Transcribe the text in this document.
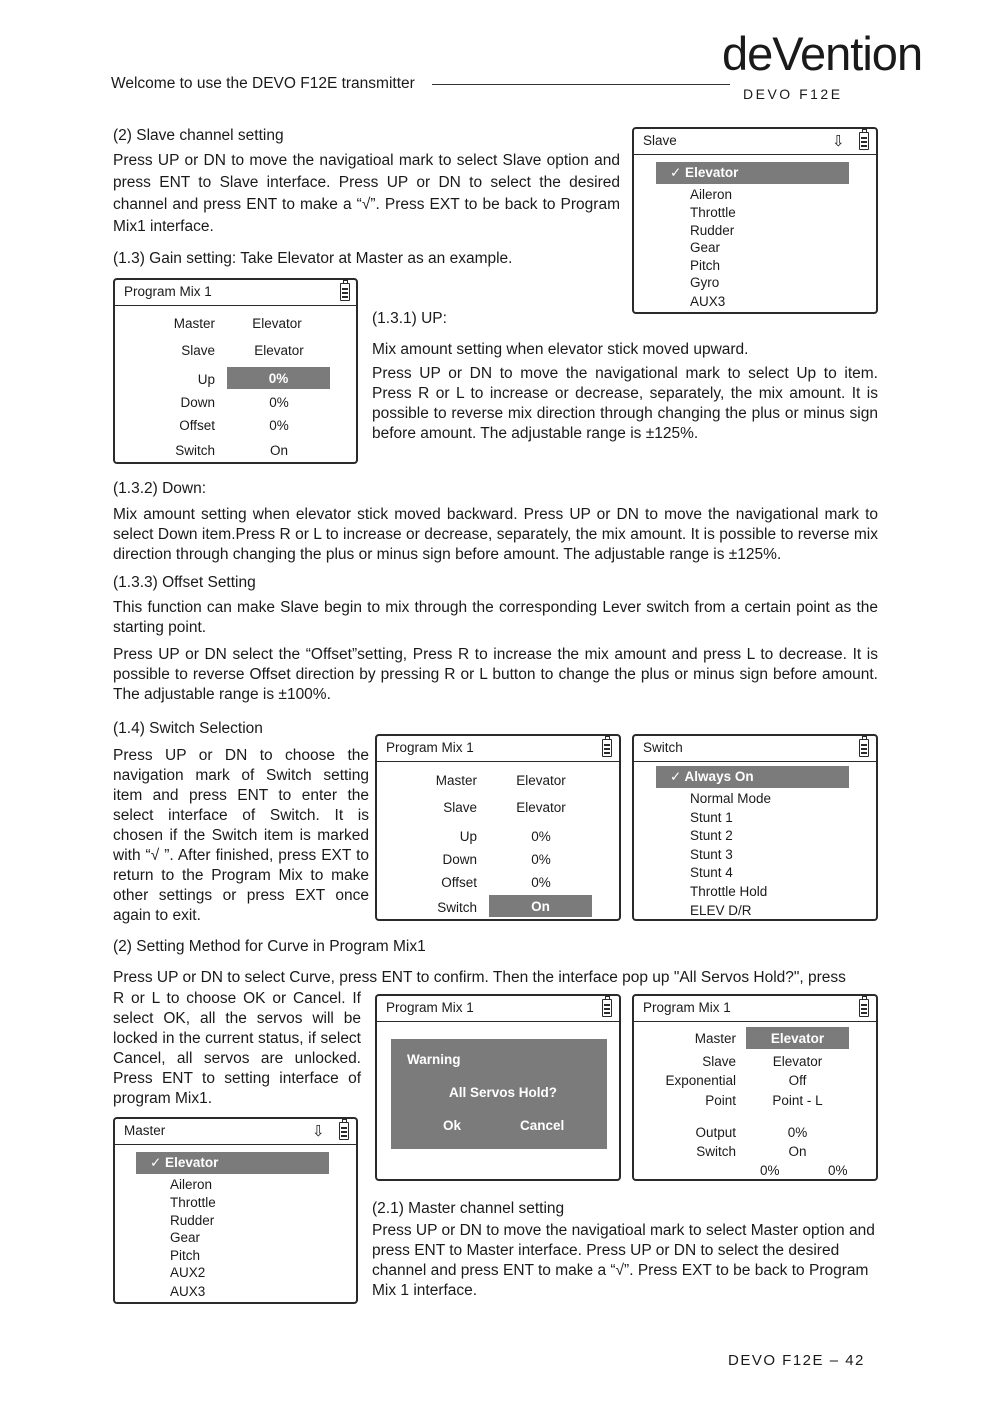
Welcome to use the DEVO F12E transmitter
deVention
DEVO F12E
(2) Slave channel setting
Press UP or DN to move the navigatioal mark to select Slave option and press ENT to Slave interface. Press UP or DN to select the desired channel and press ENT to make a “√”. Press EXT to be back to Program Mix1 interface.
(1.3) Gain setting: Take Elevator at Master as an example.
Slave	⇩
✓ Elevator
Aileron
Throttle
Rudder
Gear
Pitch
Gyro
AUX3
Program Mix 1
Master	Elevator
Slave	Elevator
Up	0%
Down	0%
Offset	0%
Switch	On
(1.3.1) UP:
Mix amount setting when elevator stick moved upward.
Press UP or DN to move the navigational mark to select Up to item. Press R or L to increase or decrease, separately, the mix amount. It is possible to reverse mix direction through changing the plus or minus sign before amount. The adjustable range is ±125%.
(1.3.2) Down:
Mix amount setting when elevator stick moved backward. Press UP or DN to move the navigational mark to select Down item.Press R or L to increase or decrease, separately, the mix amount. It is possible to reverse mix direction through changing the plus or minus sign before amount. The adjustable range is ±125%.
(1.3.3) Offset Setting
This function can make Slave begin to mix through the corresponding Lever switch from a certain point as the starting point.
Press UP or DN select the “Offset”setting, Press R to increase the mix amount and press L to decrease. It is possible to reverse Offset direction by pressing R or L button to change the plus or minus sign before amount. The adjustable range is ±100%.
(1.4) Switch Selection
Press UP or DN to choose the navigation mark of Switch setting item and press ENT to enter the select interface of Switch. It is chosen if the Switch item is marked with “√ ”. After finished, press EXT to return to the Program Mix to make other settings or press EXT once again to exit.
Program Mix 1
Master	Elevator
Slave	Elevator
Up	0%
Down	0%
Offset	0%
Switch	On
Switch
✓ Always On
Normal Mode
Stunt 1
Stunt 2
Stunt 3
Stunt 4
Throttle Hold
ELEV D/R
(2) Setting Method for Curve in Program Mix1
Press UP or DN to select Curve, press ENT to confirm. Then the interface pop up "All Servos Hold?", press
R or L to choose OK or Cancel. If select OK, all the servos will be locked in the current status, if select Cancel, all servos are unlocked. Press ENT to setting interface of program Mix1.
Program Mix 1
Warning
All Servos Hold?
Ok	Cancel
Program Mix 1
Master	Elevator
Slave	Elevator
Exponential	Off
Point	Point - L
Output	0%
Switch	On
0%	0%
Master	⇩
✓ Elevator
Aileron
Throttle
Rudder
Gear
Pitch
AUX2
AUX3
(2.1) Master channel setting
Press UP or DN to move the navigatioal mark to select Master option and press ENT to Master interface. Press UP or DN to select the desired channel and press ENT to make a “√”. Press EXT to be back to Program Mix 1 interface.
DEVO F12E – 42
